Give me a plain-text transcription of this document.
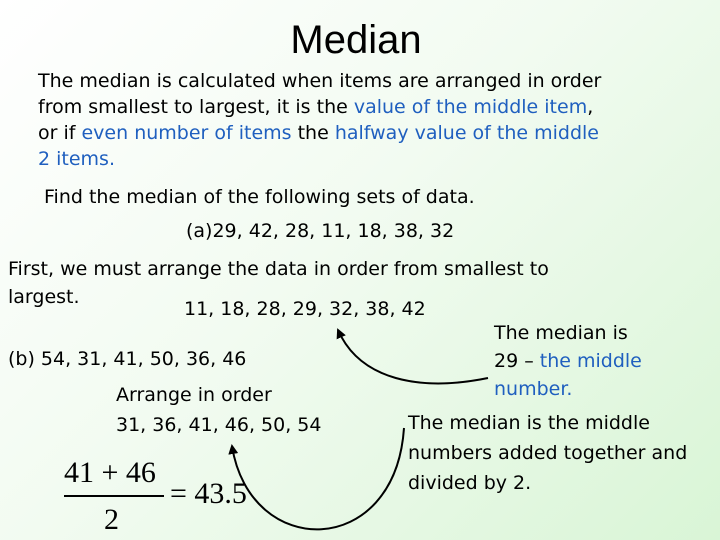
Median
The median is calculated when items are arranged in order
from smallest to largest, it is the value of the middle item,
or if even number of items the halfway value of the middle
2 items.
Find the median of the following sets of data.
(a)29, 42, 28, 11, 18, 38, 32
First, we must arrange the data in order from smallest to
largest.
11, 18, 28, 29, 32, 38, 42
The median is
29 – the middle
number.
(b) 54, 31, 41, 50, 36, 46
Arrange in order
31, 36, 41, 46, 50, 54	The median is the middle
numbers added together and
divided by 2.
41 + 46
2
= 43.5
